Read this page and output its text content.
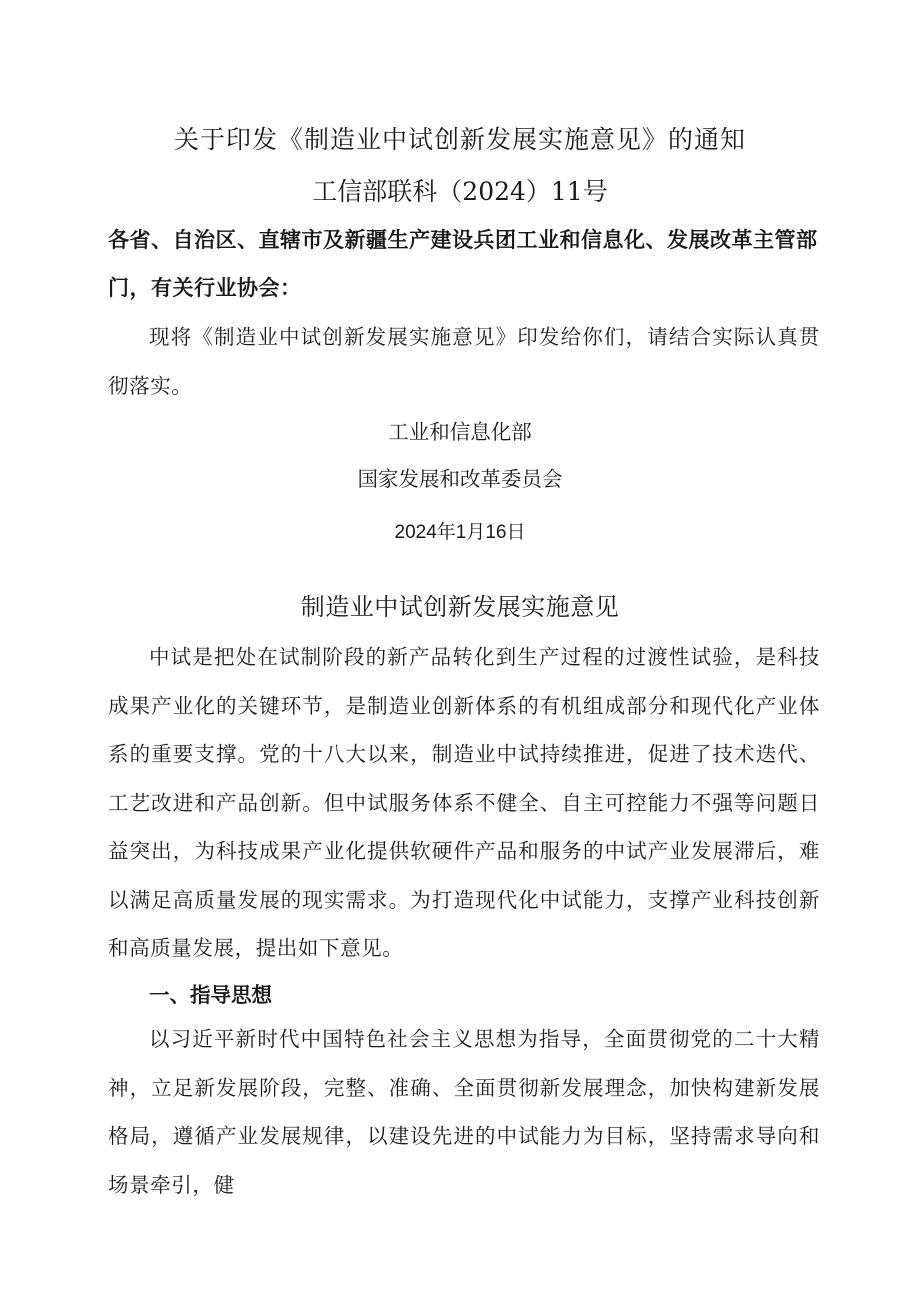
关于印发《制造业中试创新发展实施意见》的通知
工信部联科（2024）11号
各省、自治区、直辖市及新疆生产建设兵团工业和信息化、发展改革主管部门，有关行业协会：
现将《制造业中试创新发展实施意见》印发给你们，请结合实际认真贯彻落实。
工业和信息化部
国家发展和改革委员会
2024年1月16日
制造业中试创新发展实施意见
中试是把处在试制阶段的新产品转化到生产过程的过渡性试验，是科技成果产业化的关键环节，是制造业创新体系的有机组成部分和现代化产业体系的重要支撑。党的十八大以来，制造业中试持续推进，促进了技术迭代、工艺改进和产品创新。但中试服务体系不健全、自主可控能力不强等问题日益突出，为科技成果产业化提供软硬件产品和服务的中试产业发展滞后，难以满足高质量发展的现实需求。为打造现代化中试能力，支撑产业科技创新和高质量发展，提出如下意见。
一、指导思想
以习近平新时代中国特色社会主义思想为指导，全面贯彻党的二十大精神，立足新发展阶段，完整、准确、全面贯彻新发展理念，加快构建新发展格局，遵循产业发展规律，以建设先进的中试能力为目标，坚持需求导向和场景牵引，健
